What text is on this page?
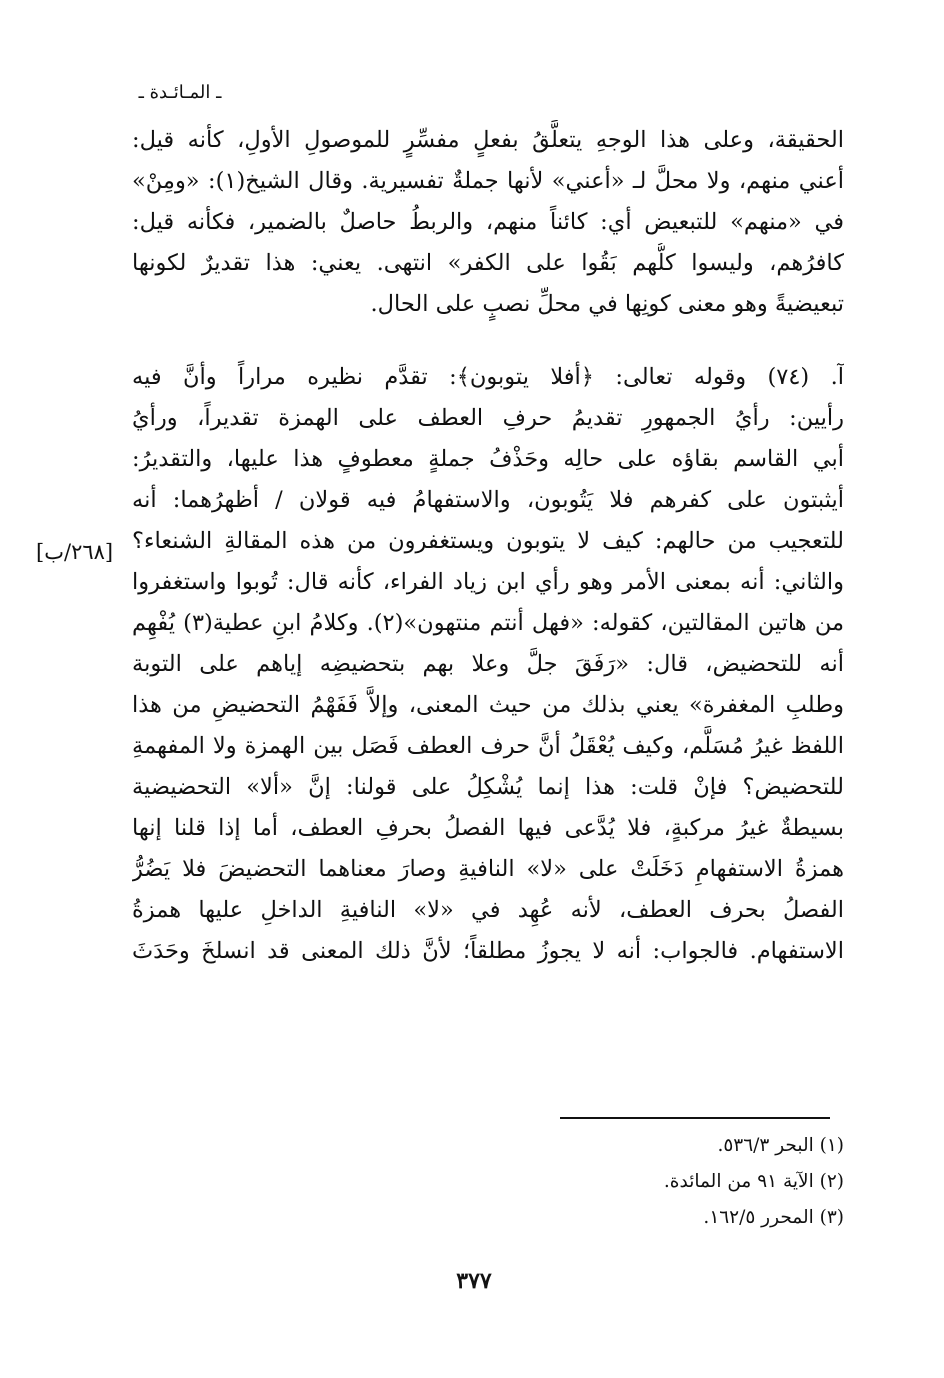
ـ المـائـدة ـ
[٢٦٨/ب]
الحقيقة، وعلى هذا الوجهِ يتعلَّقُ بفعلٍ مفسِّرٍ للموصولِ الأولِ، كأنه قيل:
أعني منهم، ولا محلَّ لـ «أعني» لأنها جملةٌ تفسيرية. وقال الشيخ(١): «ومِنْ»
في «منهم» للتبعيض أي: كائناً منهم، والربطُ حاصلٌ بالضمير، فكأنه قيل:
كافرُهم، وليسوا كلُّهم بَقُوا على الكفر» انتهى. يعني: هذا تقديرٌ لكونها
تبعيضيةً وهو معنى كونِها في محلِّ نصبٍ على الحال.
آ. (٧٤) وقوله تعالى: ﴿أفلا يتوبون﴾: تقدَّم نظيره مراراً وأنَّ فيه
رأيين: رأيُ الجمهورِ تقديمُ حرفِ العطف على الهمزة تقديراً، ورأيُ
أبي القاسم بقاؤه على حالِه وحَذْفُ جملةٍ معطوفٍ هذا عليها، والتقديرُ:
أيثبتون على كفرهم فلا يَتُوبون، والاستفهامُ فيه قولان / أظهرُهما: أنه
للتعجيب من حالهم: كيف لا يتوبون ويستغفرون من هذه المقالةِ الشنعاء؟
والثاني: أنه بمعنى الأمر وهو رأي ابن زياد الفراء، كأنه قال: تُوبوا واستغفروا
من هاتين المقالتين، كقوله: «فهل أنتم منتهون»(٢). وكلامُ ابنِ عطية(٣) يُفْهِم
أنه للتحضيض، قال: «رَفَقَ جلَّ وعلا بهم بتحضيضِه إياهم على التوبة
وطلبِ المغفرة» يعني بذلك من حيث المعنى، وإلاَّ فَفَهْمُ التحضيضِ من هذا
اللفظ غيرُ مُسَلَّم، وكيف يُعْقَلُ أنَّ حرف العطف فَصَل بين الهمزة ولا المفهمةِ
للتحضيض؟ فإنْ قلت: هذا إنما يُشْكِلُ على قولنا: إنَّ «ألا» التحضيضية
بسيطةٌ غيرُ مركبةٍ، فلا يُدَّعى فيها الفصلُ بحرفِ العطف، أما إذا قلنا إنها
همزةُ الاستفهامِ دَخَلَتْ على «لا» النافيةِ وصارَ معناهما التحضيضَ فلا يَضُرُّ
الفصلُ بحرف العطف، لأنه عُهِد في «لا» النافيةِ الداخلِ عليها همزةُ
الاستفهام. فالجواب: أنه لا يجوزُ مطلقاً؛ لأنَّ ذلك المعنى قد انسلخَ وحَدَثَ
(١) البحر ٥٣٦/٣.
(٢) الآية ٩١ من المائدة.
(٣) المحرر ١٦٢/٥.
٣٧٧
